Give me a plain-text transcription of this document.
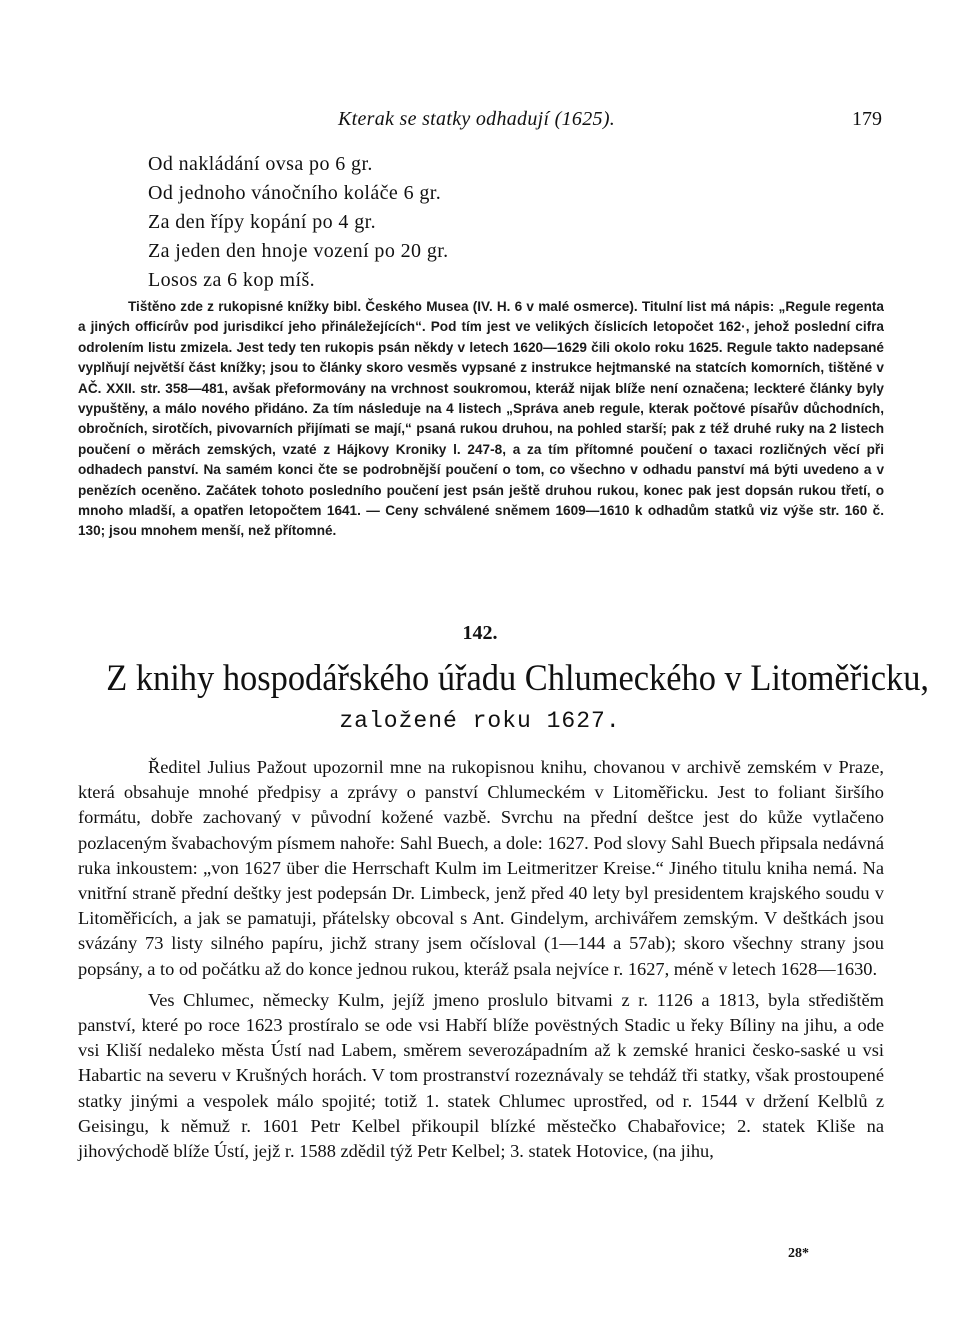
Kterak se statky odhadují (1625).	179
Od nakládání ovsa po 6 gr.
Od jednoho vánočního koláče 6 gr.
Za den řípy kopání po 4 gr.
Za jeden den hnoje vození po 20 gr.
Losos za 6 kop míš.

Tištěno zde z rukopisné knížky bibl. Českého Musea (IV. H. 6 v malé osmerce). Titulní list má nápis: „Regule regenta a jiných officírův pod jurisdikcí jeho přináležejících“. Pod tím jest ve velikých číslicích letopočet 162·, jehož poslední cifra odrolením listu zmizela. Jest tedy ten rukopis psán někdy v letech 1620—1629 čili okolo roku 1625. Regule takto nadepsané vyplňují největší část knížky; jsou to články skoro vesměs vypsané z instrukce hejtmanské na statcích komorních, tištěné v AČ. XXII. str. 358—481, avšak přeformovány na vrchnost soukromou, kteráž nijak blíže není označena; leckteré články byly vypuštěny, a málo nového přidáno. Za tím následuje na 4 listech „Správa aneb regule, kterak počtové písařův důchodních, obročních, sirotčích, pivovarních přijímati se mají,“ psaná rukou druhou, na pohled starší; pak z též druhé ruky na 2 listech poučení o měrách zemských, vzaté z Hájkovy Kroniky l. 247-8, a za tím přítomné poučení o taxaci rozličných věcí při odhadech panství. Na samém konci čte se podrobnější poučení o tom, co všechno v odhadu panství má býti uvedeno a v penězích oceněno. Začátek tohoto posledního poučení jest psán ještě druhou rukou, konec pak jest dopsán rukou třetí, o mnoho mladší, a opatřen letopočtem 1641. — Ceny schválené sněmem 1609—1610 k odhadům statků viz výše str. 160 č. 130; jsou mnohem menší, než přítomné.

142.
Z knihy hospodářského úřadu Chlumeckého v Litoměřicku,
založené roku 1627.

Ředitel Julius Pažout upozornil mne na rukopisnou knihu, chovanou v archivě zemském v Praze, která obsahuje mnohé předpisy a zprávy o panství Chlumeckém v Litoměřicku. Jest to foliant širšího formátu, dobře zachovaný v původní kožené vazbě. Svrchu na přední deštce jest do kůže vytlačeno pozlaceným švabachovým písmem nahoře: Sahl Buech, a dole: 1627. Pod slovy Sahl Buech připsala nedávná ruka inkoustem: „von 1627 über die Herrschaft Kulm im Leitmeritzer Kreise.“ Jiného titulu kniha nemá. Na vnitřní straně přední deštky jest podepsán Dr. Limbeck, jenž před 40 lety byl presidentem krajského soudu v Litoměřicích, a jak se pamatuji, přátelsky obcoval s Ant. Gindelym, archivářem zemským. V deštkách jsou svázány 73 listy silného papíru, jichž strany jsem očísloval (1—144 a 57ab); skoro všechny strany jsou popsány, a to od počátku až do konce jednou rukou, kteráž psala nejvíce r. 1627, méně v letech 1628—1630.

Ves Chlumec, německy Kulm, jejíž jmeno proslulo bitvami z r. 1126 a 1813, byla středištěm panství, které po roce 1623 prostíralo se ode vsi Habří blíže povëstných Stadic u řeky Bíliny na jihu, a ode vsi Kliší nedaleko města Ústí nad Labem, směrem severozápadním až k zemské hranici česko-saské u vsi Habartic na severu v Krušných horách. V tom prostranství rozeznávaly se tehdáž tři statky, však prostoupené statky jinými a vespolek málo spojité; totiž 1. statek Chlumec uprostřed, od r. 1544 v držení Kelblů z Geisingu, k němuž r. 1601 Petr Kelbel přikoupil blízké městečko Chabařovice; 2. statek Kliše na jihovýchodě blíže Ústí, jejž r. 1588 zdědil týž Petr Kelbel; 3. statek Hotovice, (na jihu,

28*
